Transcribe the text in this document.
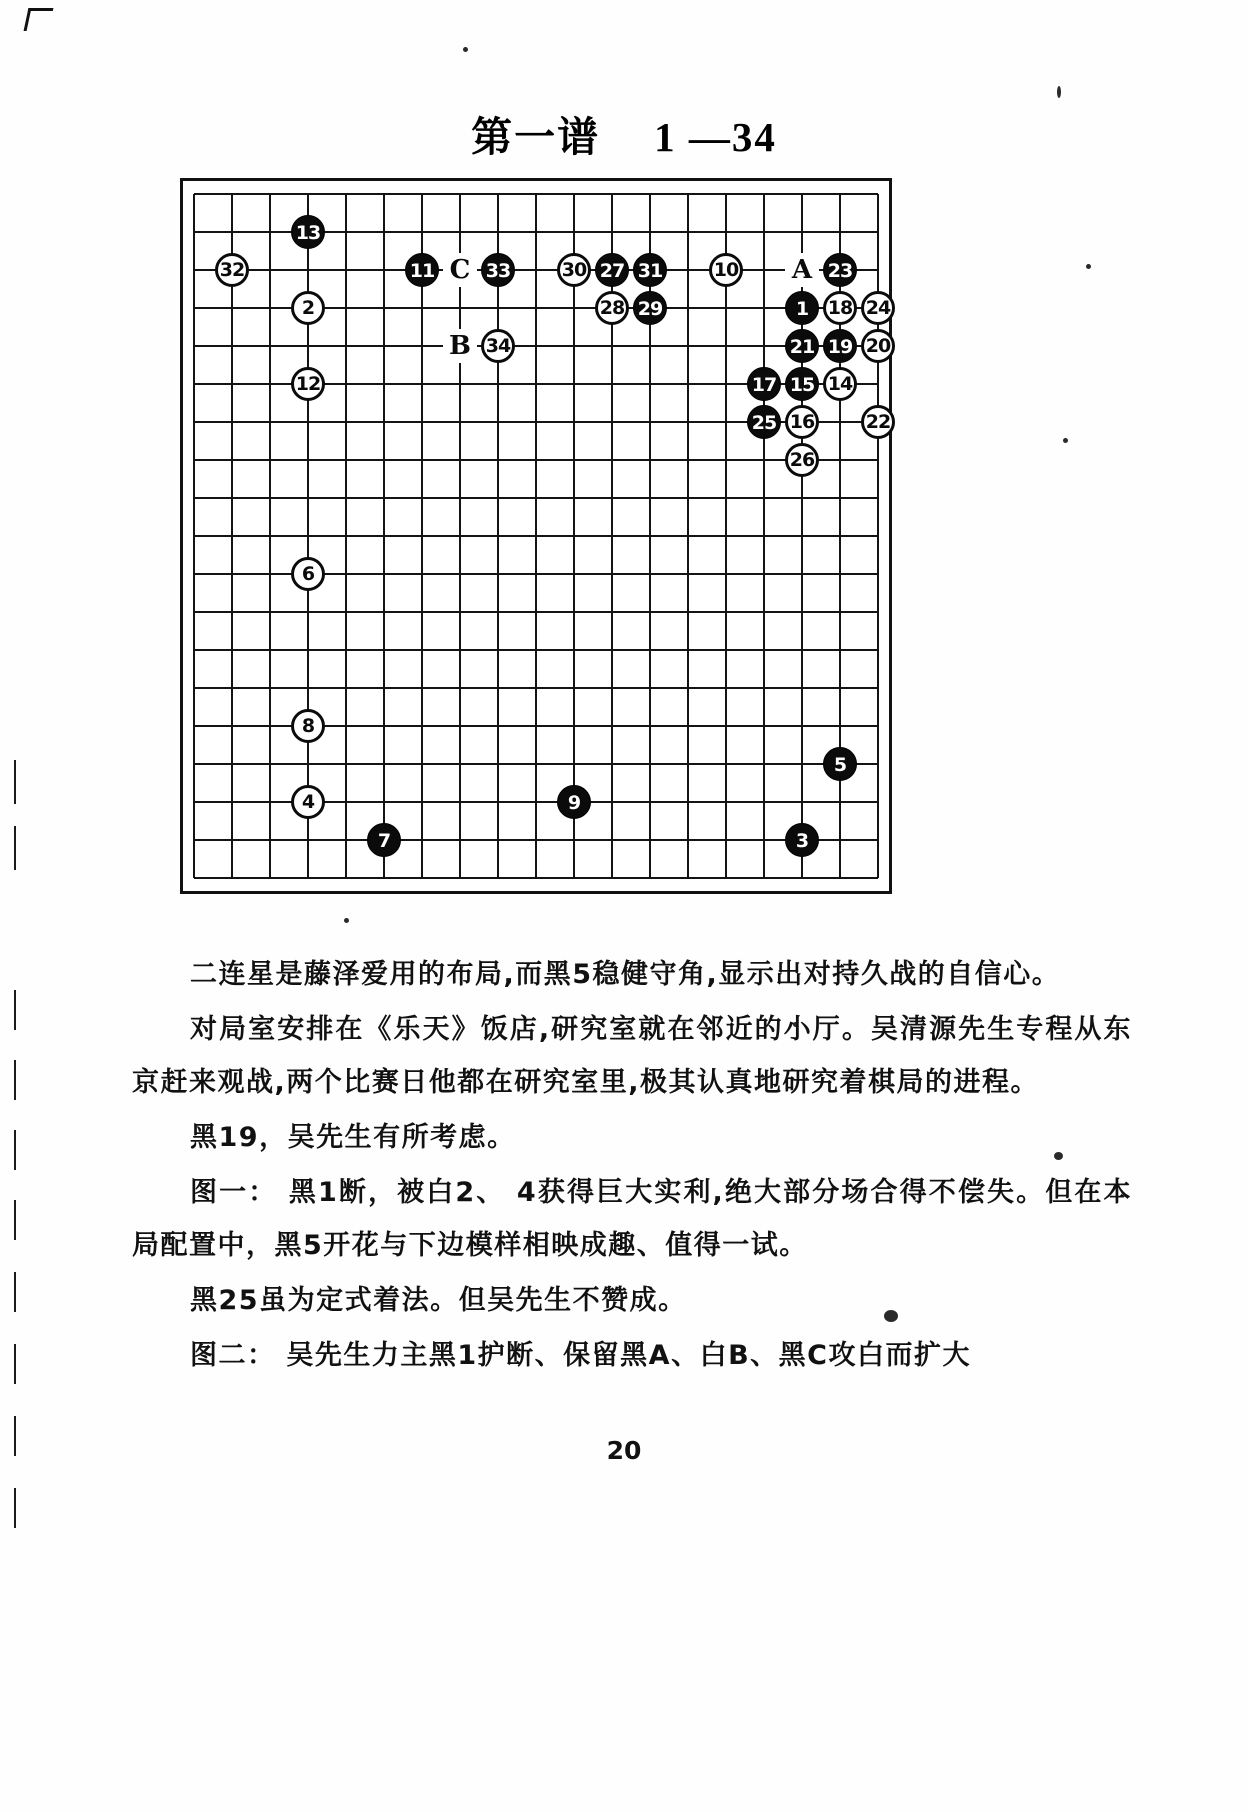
第一谱 1 —34
C	A
B
13
32	11	33	30 27 31	10	23
2	28 29	1	18 24
34	21 19 20
12	17 15 14
25 16	22
26
6
8
5
4	9
7	3

二连星是藤泽爱用的布局,而黑5稳健守角,显示出对持久战的自信心。

对局室安排在《乐天》饭店,研究室就在邻近的小厅。吴清源先生专程从东京赶来观战,两个比赛日他都在研究室里,极其认真地研究着棋局的进程。

黑19，吴先生有所考虑。

图一： 黑1断，被白2、 4获得巨大实利,绝大部分场合得不偿失。但在本局配置中，黑5开花与下边模样相映成趣、值得一试。

黑25虽为定式着法。但吴先生不赞成。

图二： 吴先生力主黑1护断、保留黑A、白B、黑C攻白而扩大

20
